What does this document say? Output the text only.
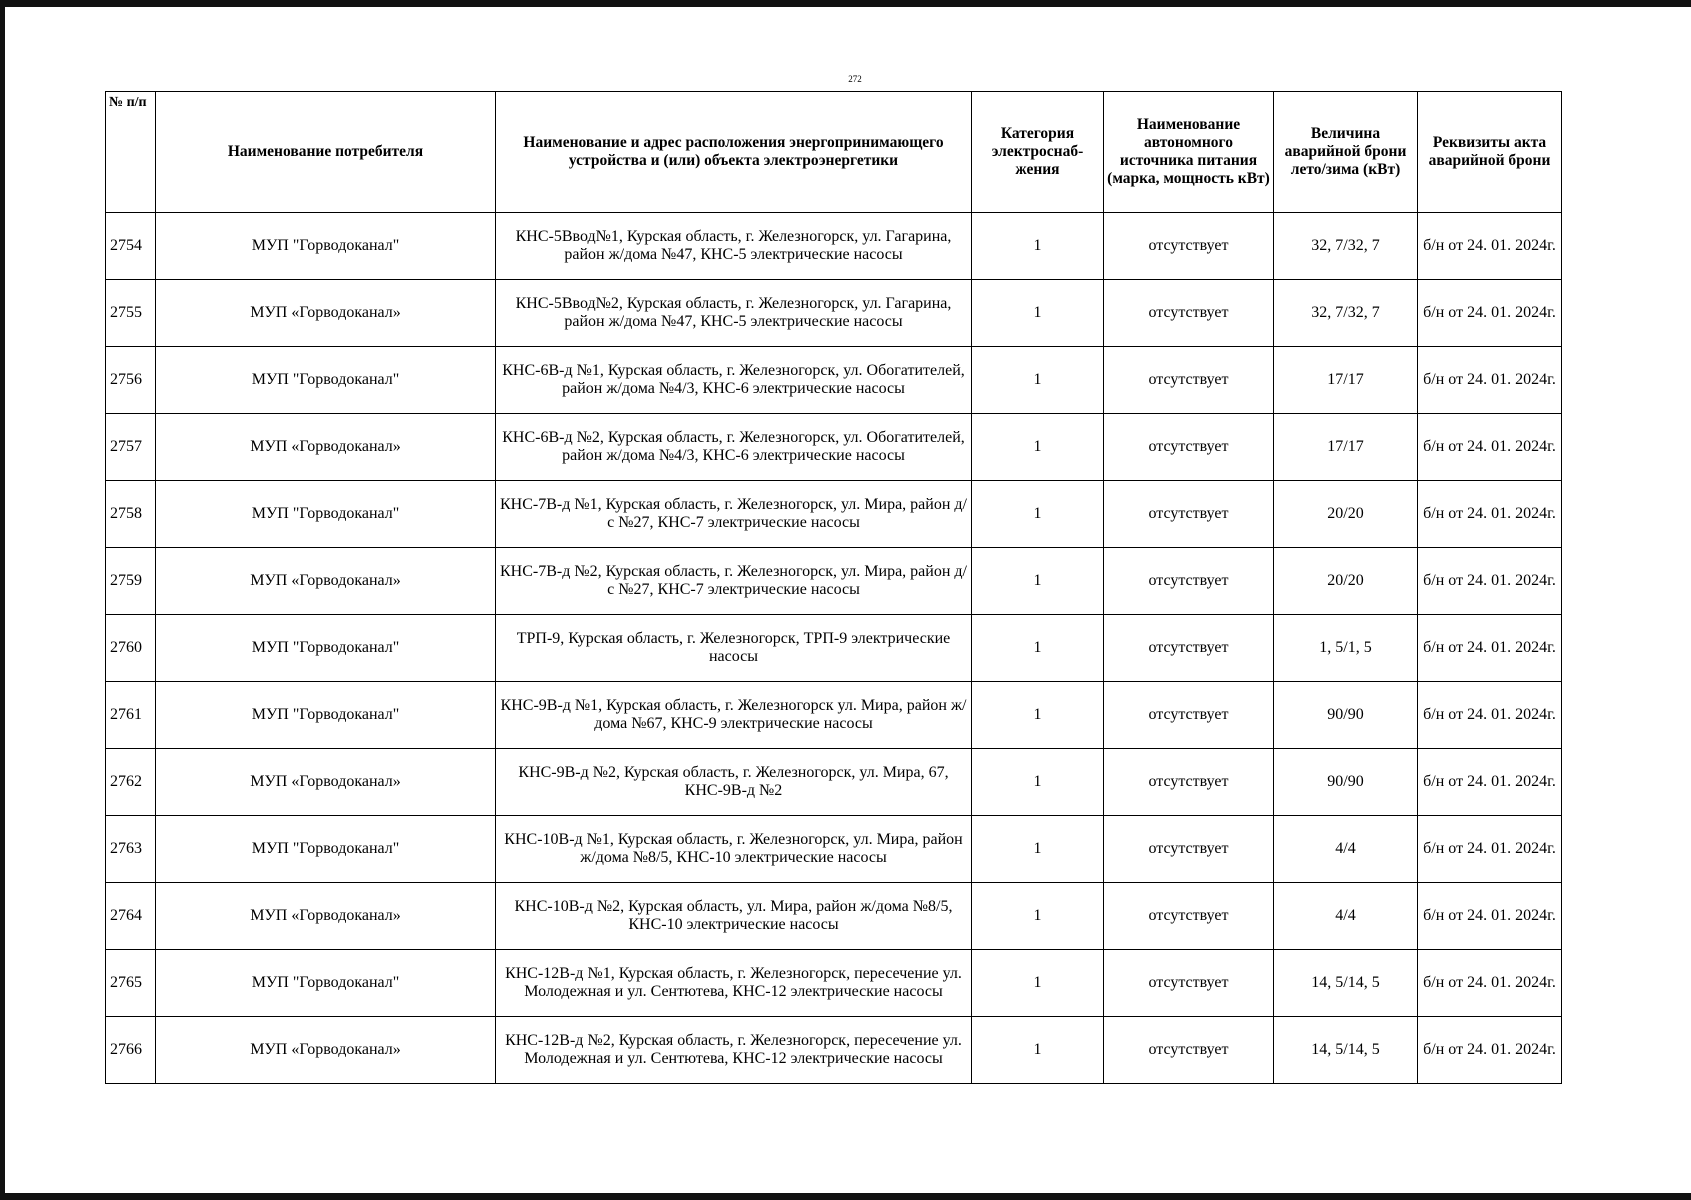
272
№ п/п	Наименование потребителя	Наименование и адрес расположения энергопринимающего устройства и (или) объекта электроэнергетики	Категория электроснаб-жения	Наименование автономного источника питания (марка, мощность кВт)	Величина аварийной брони лето/зима (кВт)	Реквизиты акта аварийной брони
2754	МУП "Горводоканал"	КНС-5Ввод№1, Курская область, г. Железногорск, ул. Гагарина, район ж/дома №47, КНС-5 электрические насосы	1	отсутствует	32, 7/32, 7	б/н от 24. 01. 2024г.
2755	МУП «Горводоканал»	КНС-5Ввод№2, Курская область, г. Железногорск, ул. Гагарина, район ж/дома №47, КНС-5 электрические насосы	1	отсутствует	32, 7/32, 7	б/н от 24. 01. 2024г.
2756	МУП "Горводоканал"	КНС-6В-д №1, Курская область, г. Железногорск, ул. Обогатителей, район ж/дома №4/3, КНС-6 электрические насосы	1	отсутствует	17/17	б/н от 24. 01. 2024г.
2757	МУП «Горводоканал»	КНС-6В-д №2, Курская область, г. Железногорск, ул. Обогатителей, район ж/дома №4/3, КНС-6 электрические насосы	1	отсутствует	17/17	б/н от 24. 01. 2024г.
2758	МУП "Горводоканал"	КНС-7В-д №1, Курская область, г. Железногорск, ул. Мира, район д/с №27, КНС-7 электрические насосы	1	отсутствует	20/20	б/н от 24. 01. 2024г.
2759	МУП «Горводоканал»	КНС-7В-д №2, Курская область, г. Железногорск, ул. Мира, район д/с №27, КНС-7 электрические насосы	1	отсутствует	20/20	б/н от 24. 01. 2024г.
2760	МУП "Горводоканал"	ТРП-9, Курская область, г. Железногорск, ТРП-9 электрические насосы	1	отсутствует	1, 5/1, 5	б/н от 24. 01. 2024г.
2761	МУП "Горводоканал"	КНС-9В-д №1, Курская область, г. Железногорск ул. Мира, район ж/дома №67, КНС-9 электрические насосы	1	отсутствует	90/90	б/н от 24. 01. 2024г.
2762	МУП «Горводоканал»	КНС-9В-д №2, Курская область, г. Железногорск, ул. Мира, 67, КНС-9В-д №2	1	отсутствует	90/90	б/н от 24. 01. 2024г.
2763	МУП "Горводоканал"	КНС-10В-д №1, Курская область, г. Железногорск, ул. Мира, район ж/дома №8/5, КНС-10 электрические насосы	1	отсутствует	4/4	б/н от 24. 01. 2024г.
2764	МУП «Горводоканал»	КНС-10В-д №2, Курская область, ул. Мира, район ж/дома №8/5, КНС-10 электрические насосы	1	отсутствует	4/4	б/н от 24. 01. 2024г.
2765	МУП "Горводоканал"	КНС-12В-д №1, Курская область, г. Железногорск, пересечение ул. Молодежная и ул. Сентютева, КНС-12 электрические насосы	1	отсутствует	14, 5/14, 5	б/н от 24. 01. 2024г.
2766	МУП «Горводоканал»	КНС-12В-д №2, Курская область, г. Железногорск, пересечение ул. Молодежная и ул. Сентютева, КНС-12 электрические насосы	1	отсутствует	14, 5/14, 5	б/н от 24. 01. 2024г.
